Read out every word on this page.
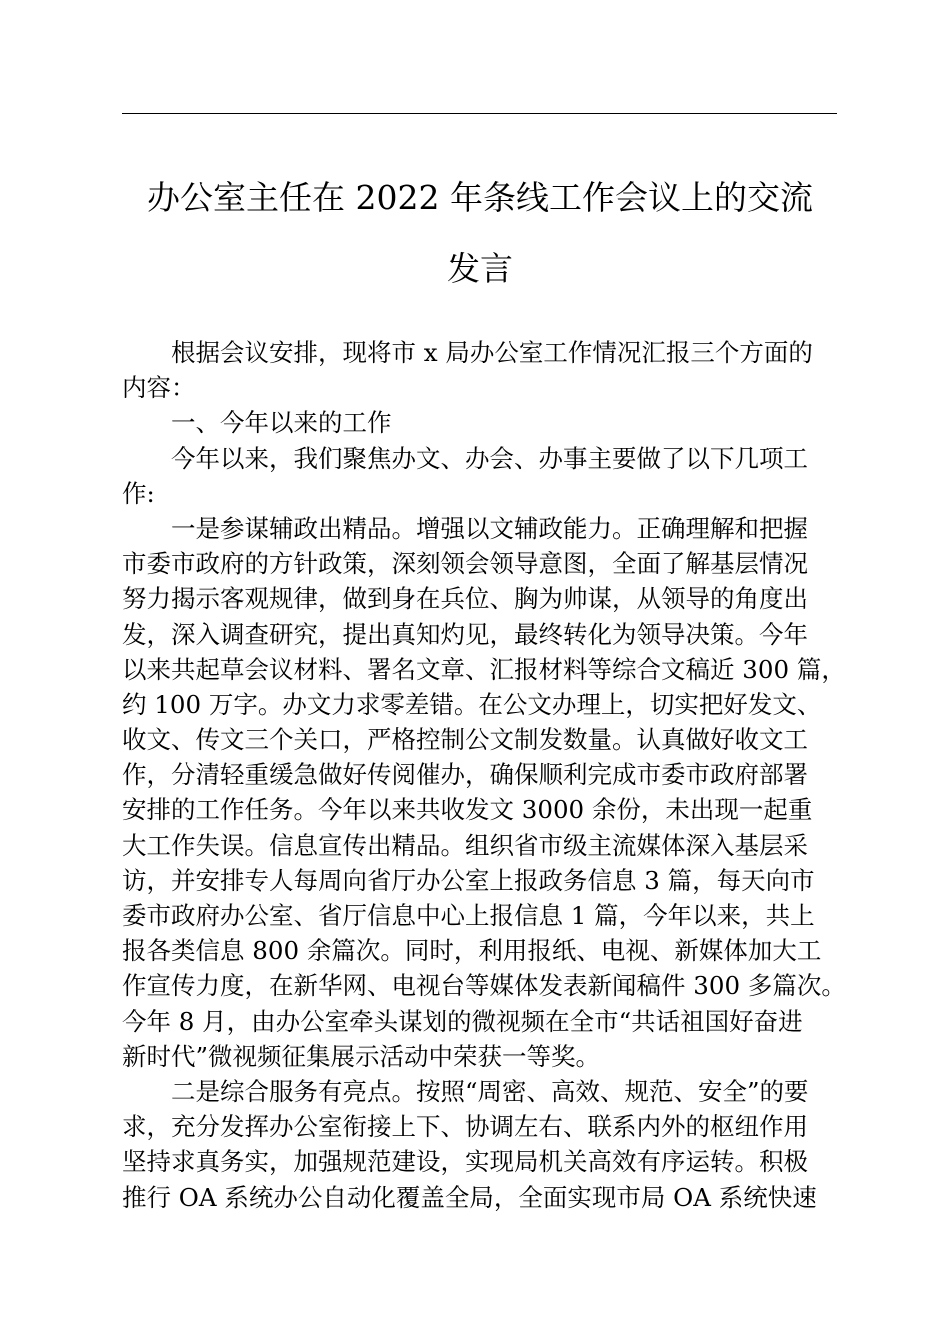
办公室主任在 2022 年条线工作会议上的交流
发言
根据会议安排，现将市 x 局办公室工作情况汇报三个方面的
内容：
一、今年以来的工作
今年以来，我们聚焦办文、办会、办事主要做了以下几项工
作:
一是参谋辅政出精品。增强以文辅政能力。正确理解和把握
市委市政府的方针政策，深刻领会领导意图，全面了解基层情况
努力揭示客观规律，做到身在兵位、胸为帅谋，从领导的角度出
发，深入调查研究，提出真知灼见，最终转化为领导决策。今年
以来共起草会议材料、署名文章、汇报材料等综合文稿近 300 篇，
约 100 万字。办文力求零差错。在公文办理上，切实把好发文、
收文、传文三个关口，严格控制公文制发数量。认真做好收文工
作，分清轻重缓急做好传阅催办，确保顺利完成市委市政府部署
安排的工作任务。今年以来共收发文 3000 余份，未出现一起重
大工作失误。信息宣传出精品。组织省市级主流媒体深入基层采
访，并安排专人每周向省厅办公室上报政务信息 3 篇，每天向市
委市政府办公室、省厅信息中心上报信息 1 篇，今年以来，共上
报各类信息 800 余篇次。同时，利用报纸、电视、新媒体加大工
作宣传力度，在新华网、电视台等媒体发表新闻稿件 300 多篇次。
今年 8 月，由办公室牵头谋划的微视频在全市“共话祖国好奋进
新时代”微视频征集展示活动中荣获一等奖。
二是综合服务有亮点。按照“周密、高效、规范、安全”的要
求，充分发挥办公室衔接上下、协调左右、联系内外的枢纽作用
坚持求真务实，加强规范建设，实现局机关高效有序运转。积极
推行 OA 系统办公自动化覆盖全局，全面实现市局 OA 系统快速
